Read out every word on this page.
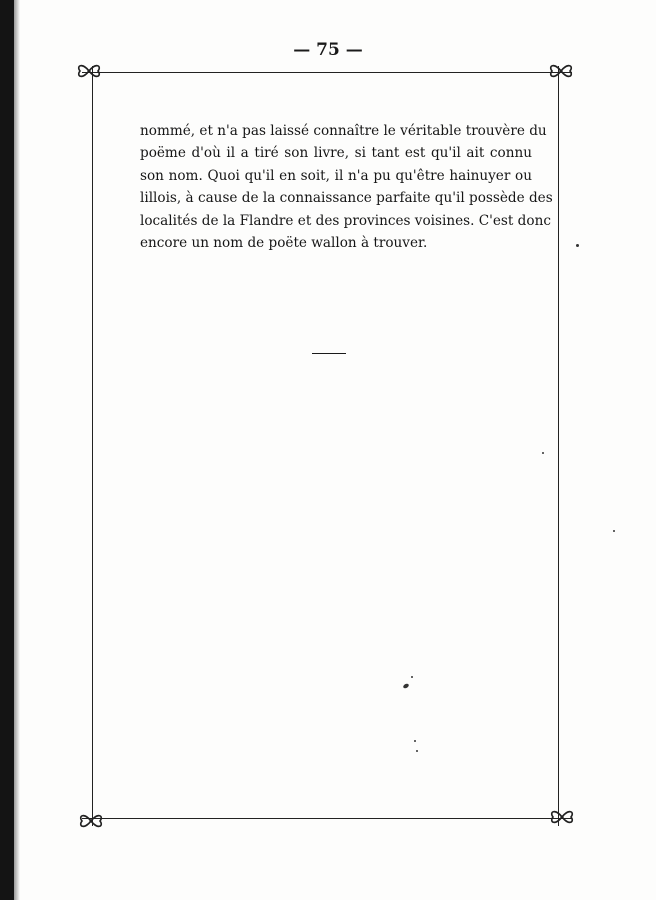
— 75 —

nommé, et n'a pas laissé connaître le véritable trouvère du
poëme d'où il a tiré son livre, si tant est qu'il ait connu
son nom. Quoi qu'il en soit, il n'a pu qu'être hainuyer ou
lillois, à cause de la connaissance parfaite qu'il possède des
localités de la Flandre et des provinces voisines. C'est donc
encore un nom de poëte wallon à trouver.
